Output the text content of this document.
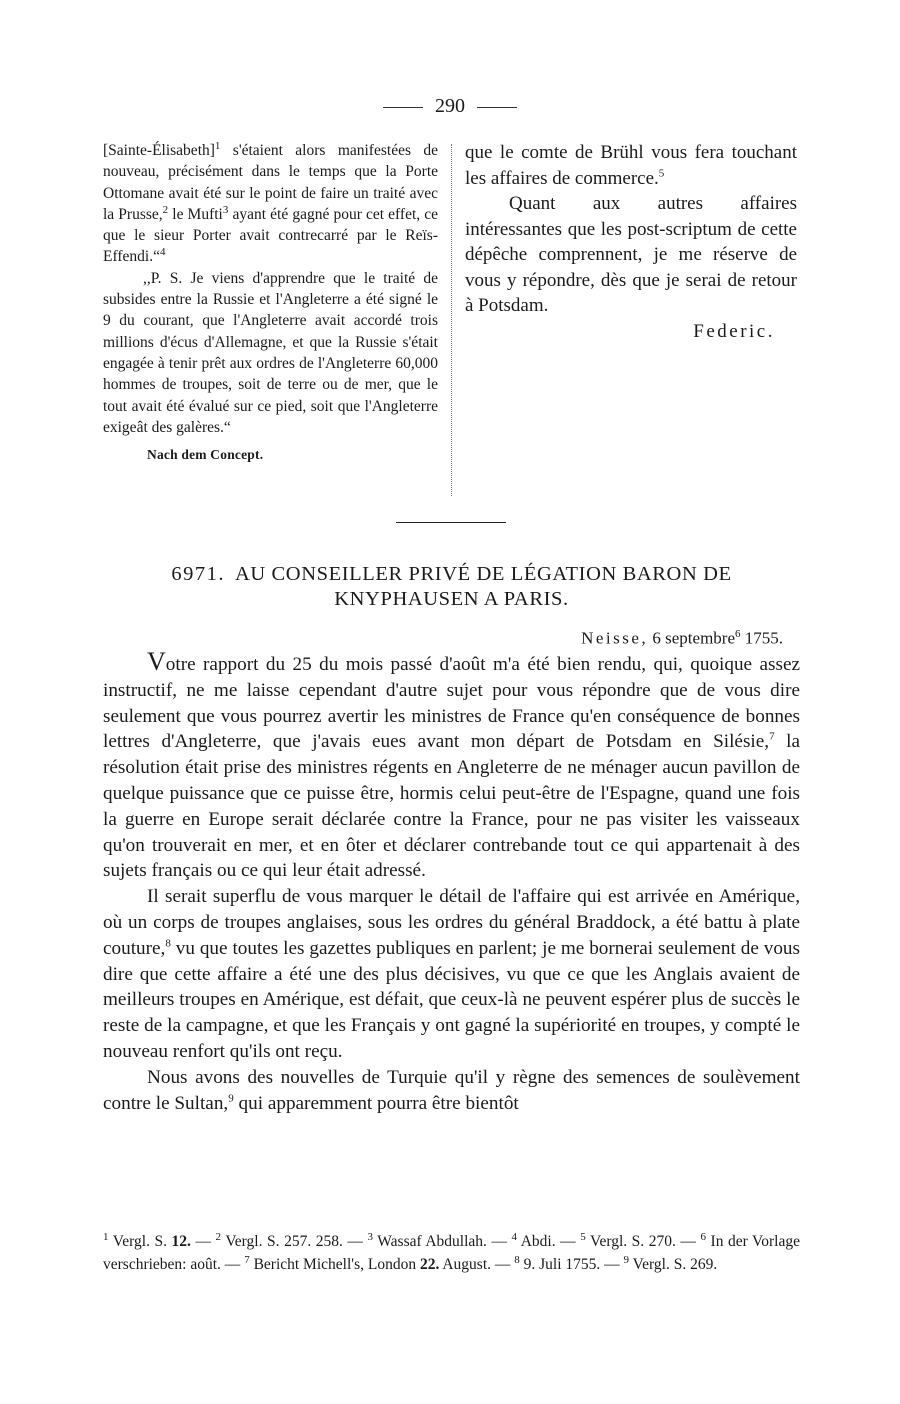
290

[Sainte-Élisabeth]$^1$ s'étaient alors manifestées de nouveau, précisément dans le temps que la Porte Ottomane avait été sur le point de faire un traité avec la Prusse,$^2$ le Mufti$^3$ ayant été gagné pour cet effet, ce que le sieur Porter avait contrecarré par le Reïs-Effendi.“$^4$

,,P. S. Je viens d'apprendre que le traité de subsides entre la Russie et l'Angleterre a été signé le 9 du courant, que l'Angleterre avait accordé trois millions d'écus d'Allemagne, et que la Russie s'était engagée à tenir prêt aux ordres de l'Angleterre 60,000 hommes de troupes, soit de terre ou de mer, que le tout avait été évalué sur ce pied, soit que l'Angleterre exigeât des galères.“

Nach dem Concept.

que le comte de Brühl vous fera touchant les affaires de commerce.$^5$

Quant aux autres affaires intéressantes que les post-scriptum de cette dépêche comprennent, je me réserve de vous y répondre, dès que je serai de retour à Potsdam.

Federic.
6971. AU CONSEILLER PRIVÉ DE LÉGATION BARON DE KNYPHAUSEN A PARIS.
Neisse, 6 septembre$^6$ 1755.

Votre rapport du 25 du mois passé d'août m'a été bien rendu, qui, quoique assez instructif, ne me laisse cependant d'autre sujet pour vous répondre que de vous dire seulement que vous pourrez avertir les ministres de France qu'en conséquence de bonnes lettres d'Angleterre, que j'avais eues avant mon départ de Potsdam en Silésie,$^7$ la résolution était prise des ministres régents en Angleterre de ne ménager aucun pavillon de quelque puissance que ce puisse être, hormis celui peut-être de l'Espagne, quand une fois la guerre en Europe serait déclarée contre la France, pour ne pas visiter les vaisseaux qu'on trouverait en mer, et en ôter et déclarer contrebande tout ce qui appartenait à des sujets français ou ce qui leur était adressé.

Il serait superflu de vous marquer le détail de l'affaire qui est arrivée en Amérique, où un corps de troupes anglaises, sous les ordres du général Braddock, a été battu à plate couture,$^8$ vu que toutes les gazettes publiques en parlent; je me bornerai seulement de vous dire que cette affaire a été une des plus décisives, vu que ce que les Anglais avaient de meilleurs troupes en Amérique, est défait, que ceux-là ne peuvent espérer plus de succès le reste de la campagne, et que les Français y ont gagné la supériorité en troupes, y compté le nouveau renfort qu'ils ont reçu.

Nous avons des nouvelles de Turquie qu'il y règne des semences de soulèvement contre le Sultan,$^9$ qui apparemment pourra être bientôt

$^1$ Vergl. S. 12. — $^2$ Vergl. S. 257. 258. — $^3$ Wassaf Abdullah. — $^4$ Abdi. — $^5$ Vergl. S. 270. — $^6$ In der Vorlage verschrieben: août. — $^7$ Bericht Michell's, London 22. August. — $^8$ 9. Juli 1755. — $^9$ Vergl. S. 269.
